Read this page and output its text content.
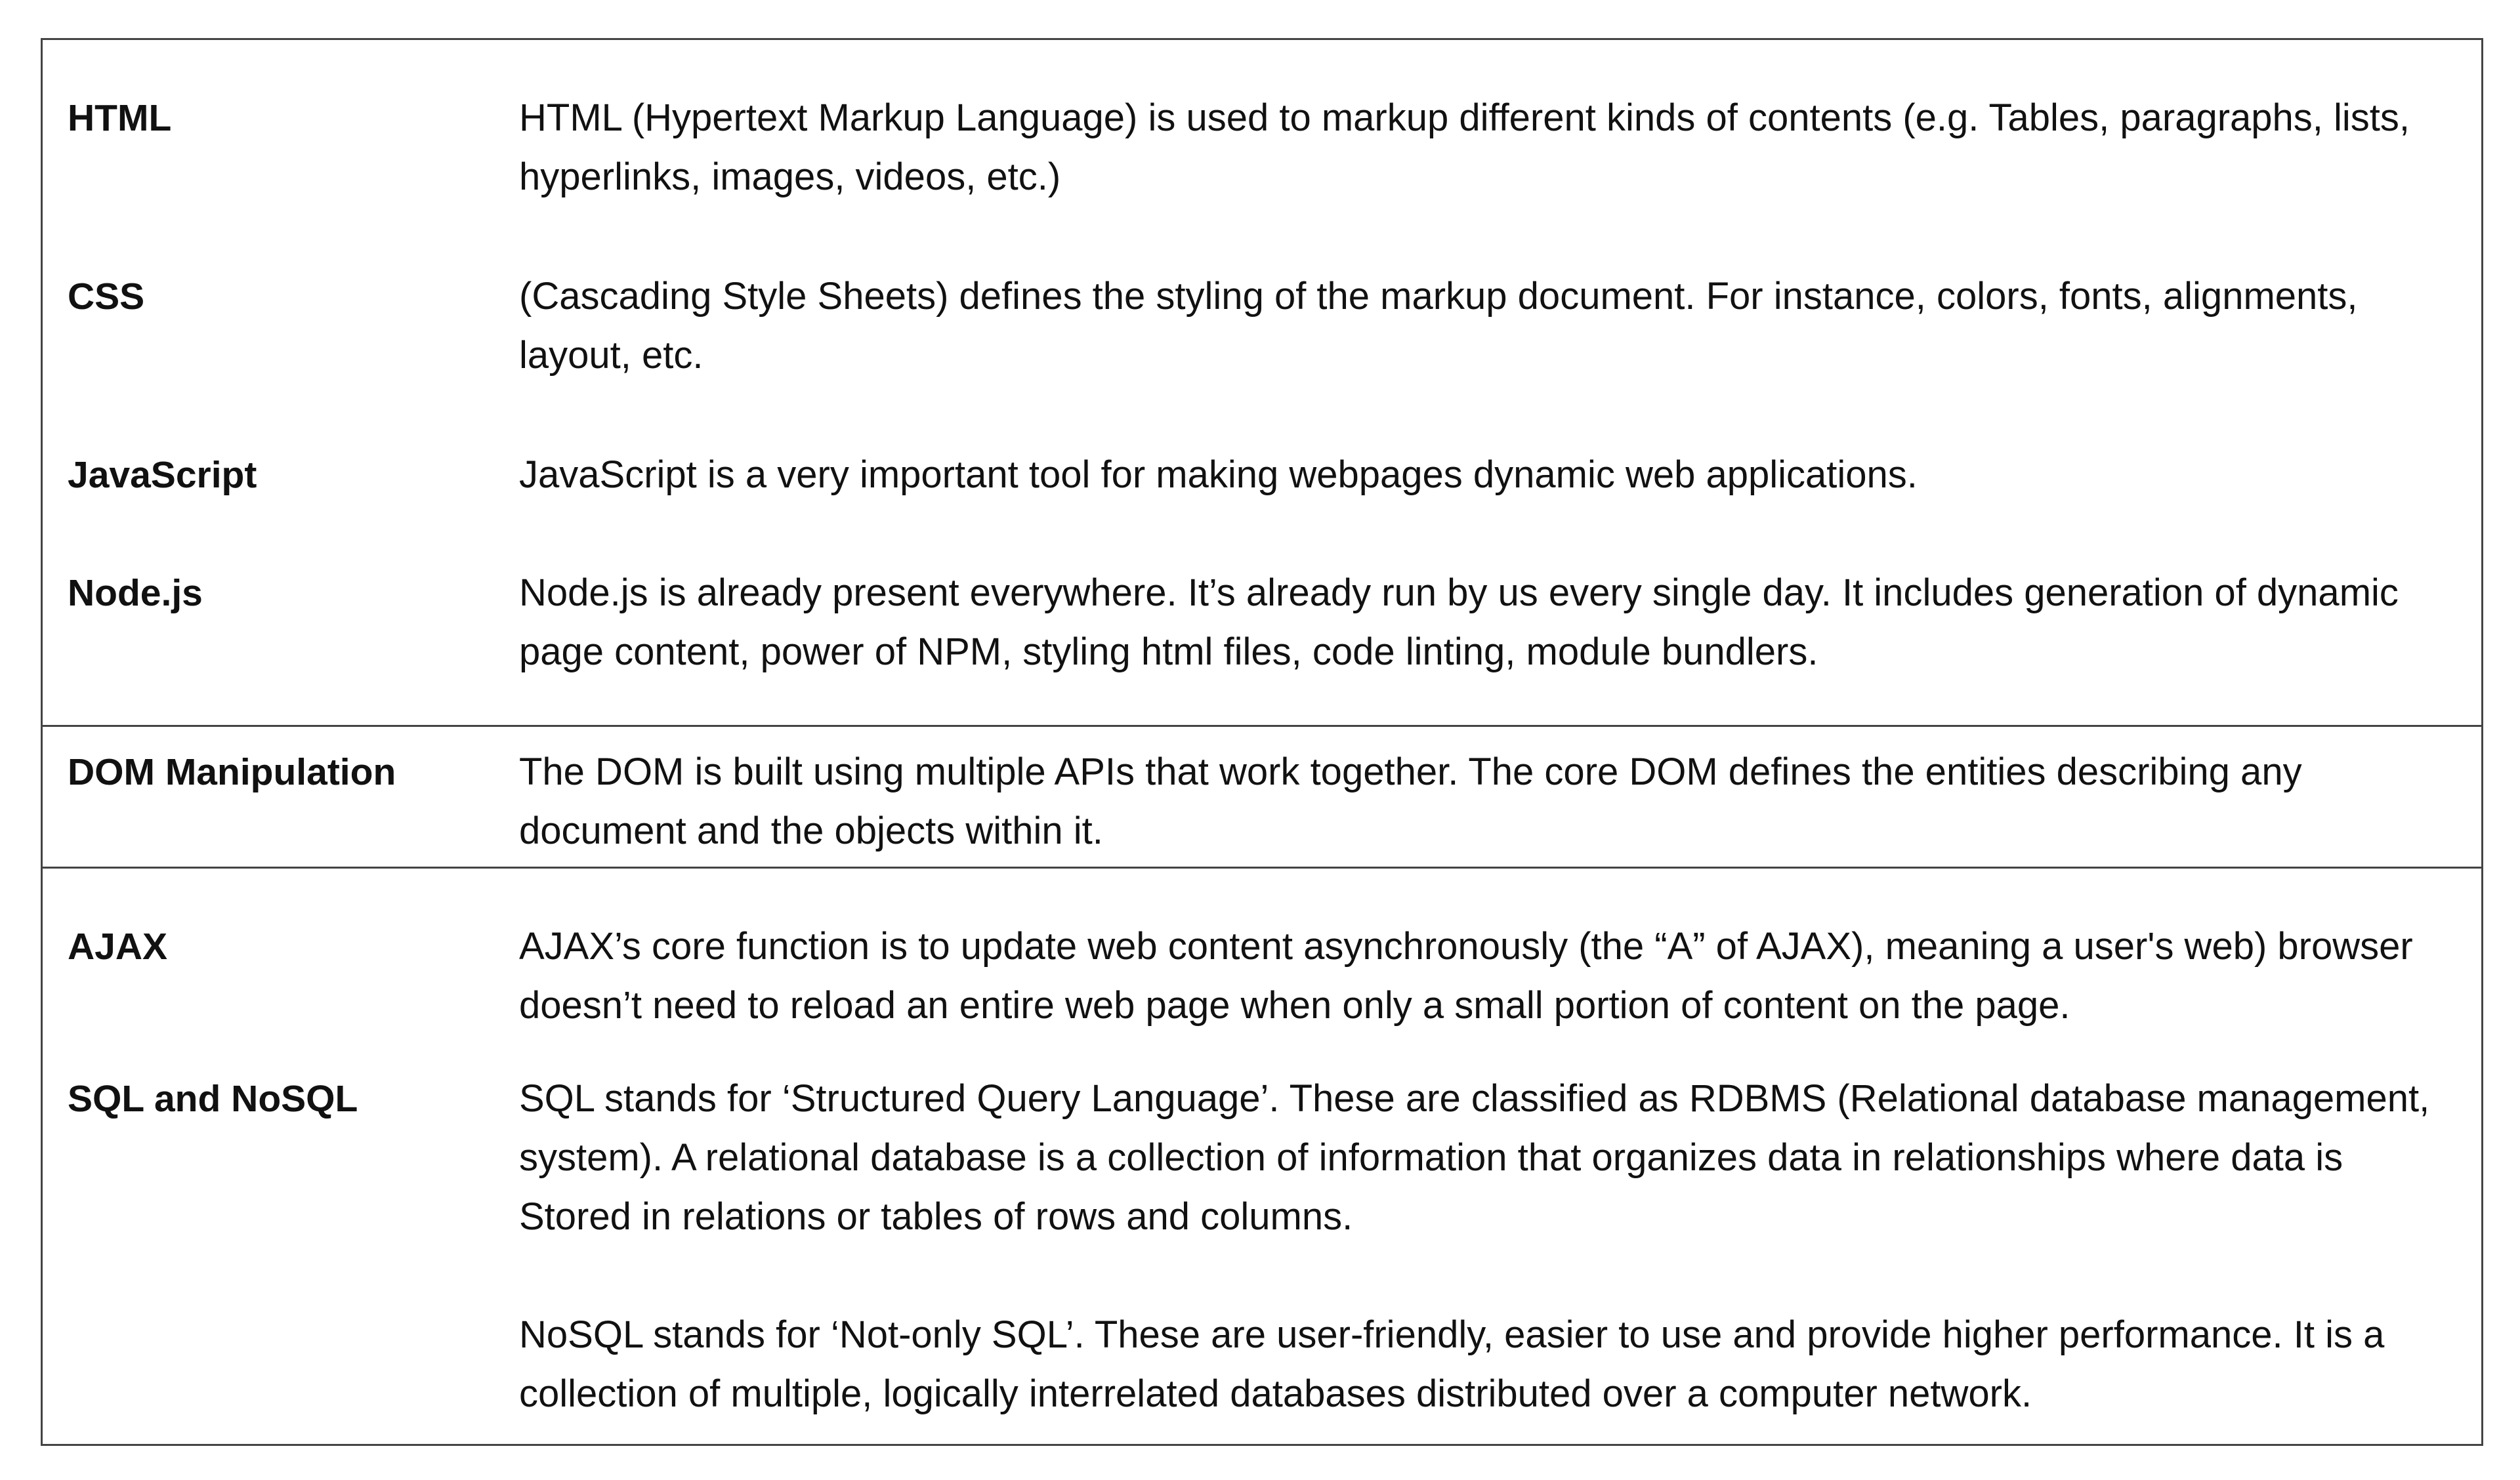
HTML	HTML (Hypertext Markup Language) is used to markup different kinds of contents (e.g. Tables, paragraphs, lists, hyperlinks, images, videos, etc.)

CSS	(Cascading Style Sheets) defines the styling of the markup document. For instance, colors, fonts, alignments, layout, etc.

JavaScript	JavaScript is a very important tool for making webpages dynamic web applications.

Node.js	Node.js is already present everywhere. It’s already run by us every single day. It includes generation of dynamic page content, power of NPM, styling html files, code linting, module bundlers.

DOM Manipulation	The DOM is built using multiple APIs that work together. The core DOM defines the entities describing any document and the objects within it.

AJAX	AJAX’s core function is to update web content asynchronously (the “A” of AJAX), meaning a user's web) browser doesn’t need to reload an entire web page when only a small portion of content on the page.

SQL and NoSQL	SQL stands for ‘Structured Query Language’. These are classified as RDBMS (Relational database management, system). A relational database is a collection of information that organizes data in relationships where data is Stored in relations or tables of rows and columns.

NoSQL stands for ‘Not-only SQL’. These are user-friendly, easier to use and provide higher performance. It is a collection of multiple, logically interrelated databases distributed over a computer network.
